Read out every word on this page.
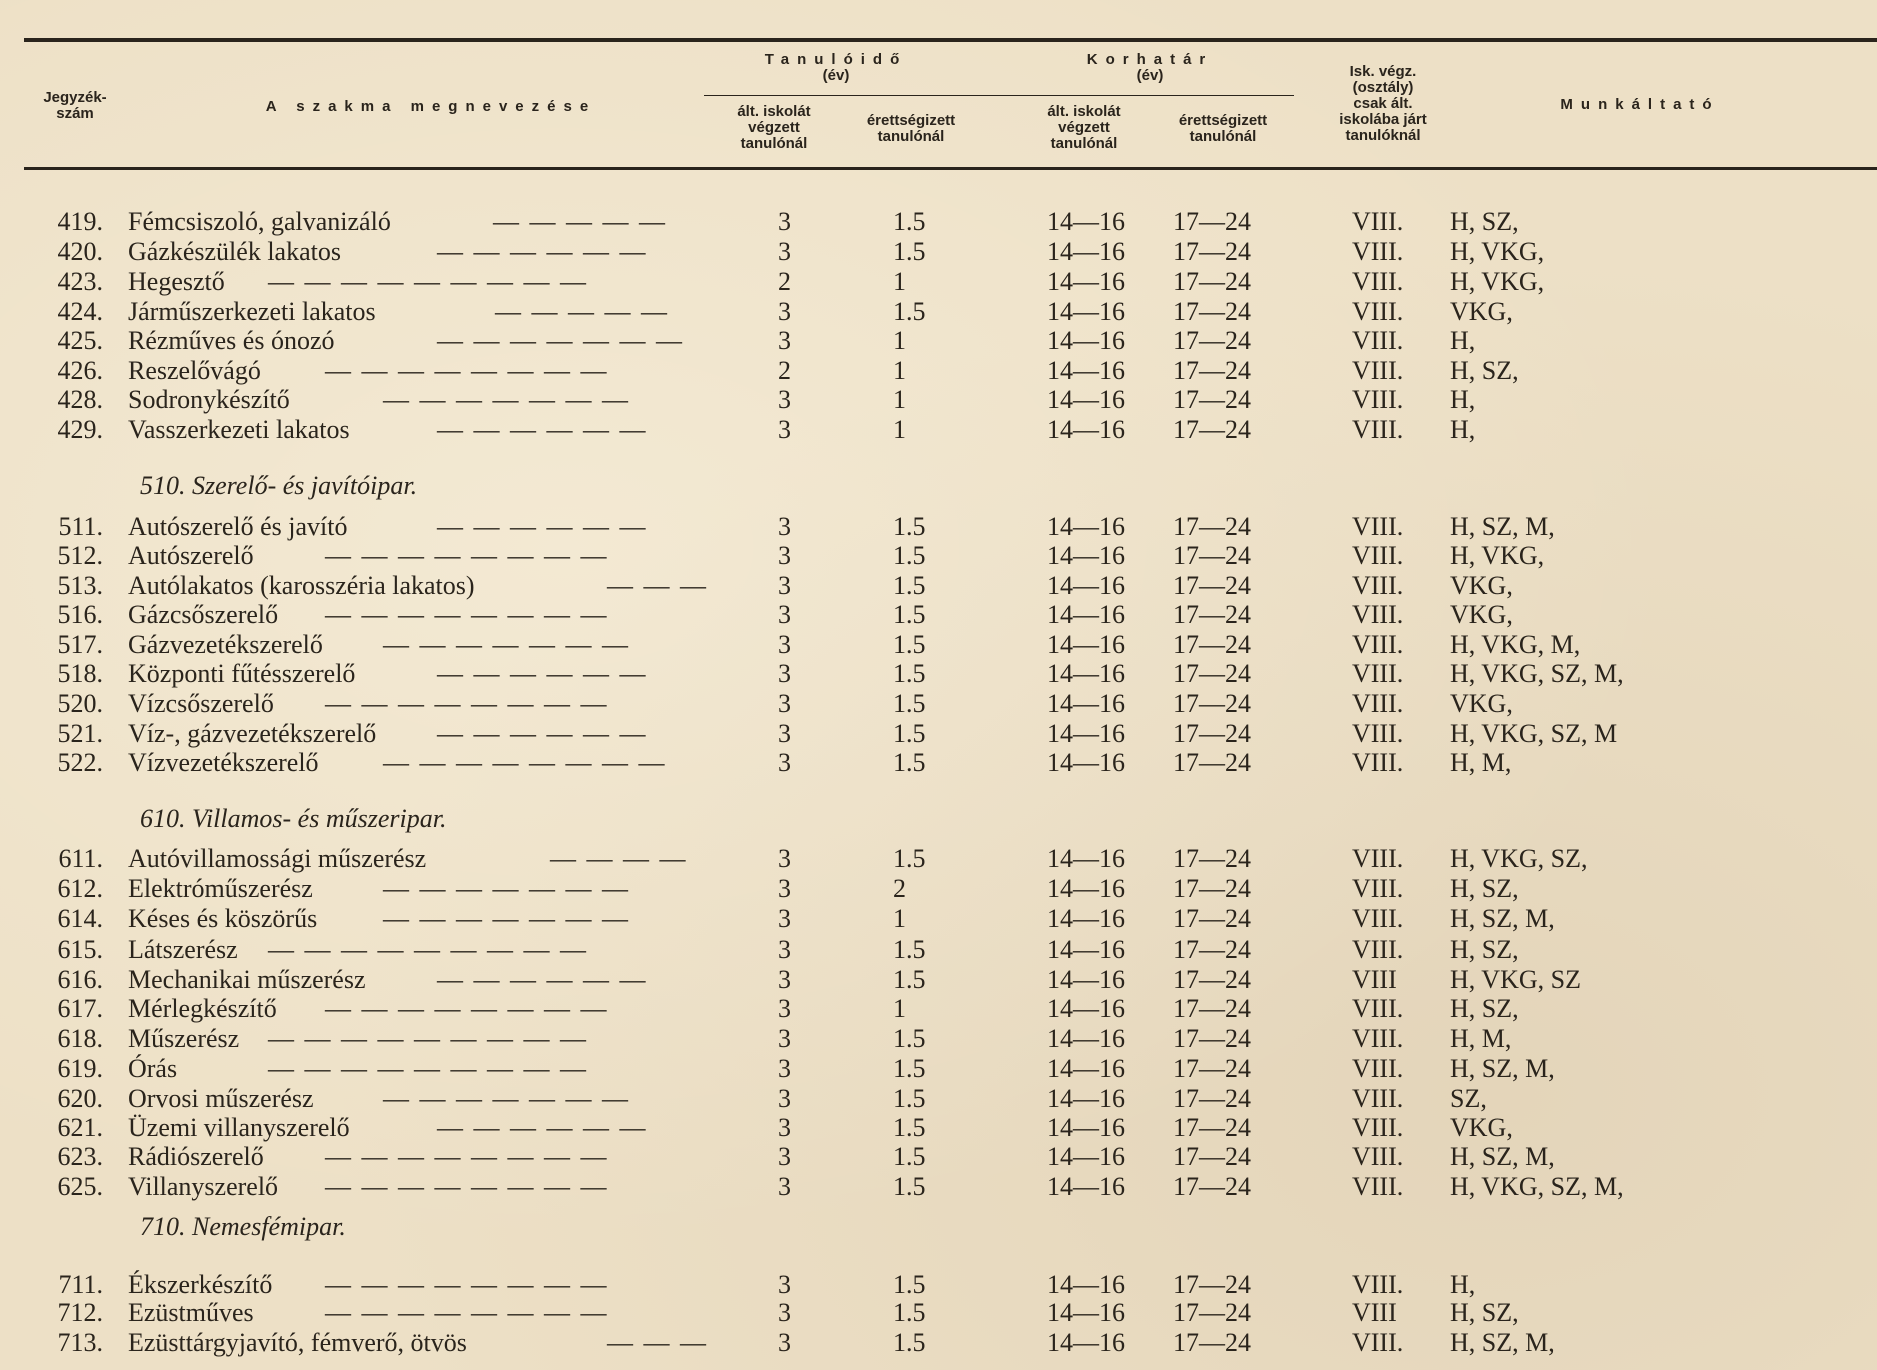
Jegyzék-
szám	A szakma megnevezése
Tanulóidő
(év)
ált. iskolát
végzett
tanulónál
érettségizett
tanulónál
Korhatár
(év)
ált. iskolát
végzett
tanulónál
érettségizett
tanulónál
Isk. végz.
(osztály)
csak ált.
iskolába járt
tanulóknál
Munkáltató
419. Fémcsiszoló, galvanizáló	— — — — —	3	1.5	14—16 17—24	VIII. H, SZ,
420. Gázkészülék lakatos	— — — — — —	3	1.5	14—16 17—24	VIII. H, VKG,
423. Hegesztő — — — — — — — — —	2	1	14—16 17—24	VIII. H, VKG,
424. Járműszerkezeti lakatos	— — — — —	3	1.5	14—16 17—24	VIII. VKG,
425. Rézműves és ónozó	— — — — — — —	3	1	14—16 17—24	VIII. H,
426. Reszelővágó — — — — — — — —	2	1	14—16 17—24	VIII. H, SZ,
428. Sodronykészítő	— — — — — — —	3	1	14—16 17—24	VIII. H,
429. Vasszerkezeti lakatos	— — — — — —	3	1	14—16 17—24	VIII. H,
510. Szerelő- és javítóipar.
511. Autószerelő és javító	— — — — — —	3	1.5	14—16 17—24	VIII. H, SZ, M,
512. Autószerelő	— — — — — — — —	3	1.5	14—16 17—24	VIII. H, VKG,
513. Autólakatos (karosszéria lakatos)	— — —	3	1.5	14—16 17—24	VIII. VKG,
516. Gázcsőszerelő — — — — — — — —	3	1.5	14—16 17—24	VIII. VKG,
517. Gázvezetékszerelő — — — — — — —	3	1.5	14—16 17—24	VIII. H, VKG, M,
518. Központi fűtésszerelő	— — — — — —	3	1.5	14—16 17—24	VIII. H, VKG, SZ, M,
520. Vízcsőszerelő — — — — — — — —	3	1.5	14—16 17—24	VIII. VKG,
521. Víz-, gázvezetékszerelő — — — — — —	3	1.5	14—16 17—24	VIII. H, VKG, SZ, M
522. Vízvezetékszerelő — — — — — — — —	3	1.5	14—16 17—24	VIII. H, M,
610. Villamos- és műszeripar.
611. Autóvillamossági műszerész	— — — —	3	1.5	14—16 17—24	VIII. H, VKG, SZ,
612. Elektróműszerész	— — — — — — —	3	2	14—16 17—24	VIII. H, SZ,
614. Késes és köszörűs	— — — — — — —	3	1	14—16 17—24	VIII. H, SZ, M,
615. Látszerész — — — — — — — — —	3	1.5	14—16 17—24	VIII. H, SZ,
616. Mechanikai műszerész	— — — — — —	3	1.5	14—16 17—24	VIII H, VKG, SZ
617. Mérlegkészítő — — — — — — — —	3	1	14—16 17—24	VIII. H, SZ,
618. Műszerész — — — — — — — — —	3	1.5	14—16 17—24	VIII. H, M,
619. Órás	— — — — — — — — —	3	1.5	14—16 17—24	VIII. H, SZ, M,
620. Orvosi műszerész	— — — — — — —	3	1.5	14—16 17—24	VIII. SZ,
621. Üzemi villanyszerelő	— — — — — —	3	1.5	14—16 17—24	VIII. VKG,
623. Rádiószerelő — — — — — — — —	3	1.5	14—16 17—24	VIII. H, SZ, M,
625. Villanyszerelő — — — — — — — —	3	1.5	14—16 17—24	VIII. H, VKG, SZ, M,
710. Nemesfémipar.
711. Ékszerkészítő — — — — — — — —	3	1.5	14—16 17—24	VIII. H,
712. Ezüstműves	— — — — — — — —	3	1.5	14—16 17—24	VIII H, SZ,
713. Ezüsttárgyjavító, fémverő, ötvös	— — —	3	1.5	14—16 17—24	VIII. H, SZ, M,
